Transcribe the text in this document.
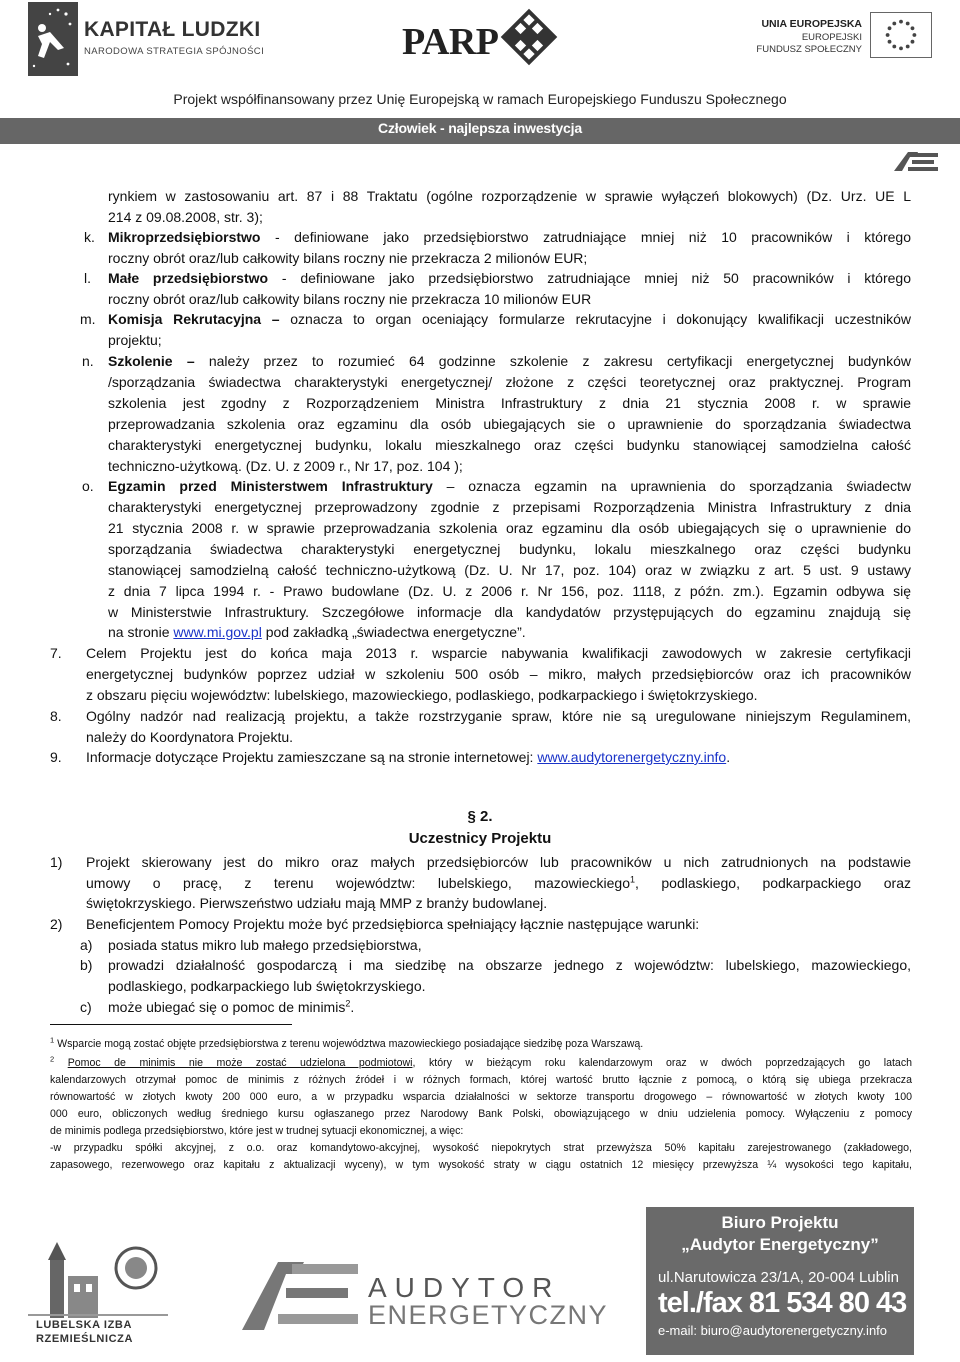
KAPITAŁ LUDZKI
NARODOWA STRATEGIA SPÓJNOŚCI	PARP	UNIA EUROPEJSKA
EUROPEJSKI
FUNDUSZ SPOŁECZNY
Projekt współfinansowany przez Unię Europejską w ramach Europejskiego Funduszu Społecznego
Człowiek - najlepsza inwestycja
rynkiem w zastosowaniu art. 87 i 88 Traktatu (ogólne rozporządzenie w sprawie wyłączeń blokowych) (Dz. Urz. UE L
214 z 09.08.2008, str. 3);
k. Mikroprzedsiębiorstwo - definiowane jako przedsiębiorstwo zatrudniające mniej niż 10 pracowników i którego
roczny obrót oraz/lub całkowity bilans roczny nie przekracza 2 milionów EUR;
l. Małe przedsiębiorstwo - definiowane jako przedsiębiorstwo zatrudniające mniej niż 50 pracowników i którego
roczny obrót oraz/lub całkowity bilans roczny nie przekracza 10 milionów EUR
m. Komisja Rekrutacyjna – oznacza to organ oceniający formularze rekrutacyjne i dokonujący kwalifikacji uczestników
projektu;
n. Szkolenie – należy przez to rozumieć 64 godzinne szkolenie z zakresu certyfikacji energetycznej budynków
/sporządzania świadectwa charakterystyki energetycznej/ złożone z części teoretycznej oraz praktycznej. Program
szkolenia jest zgodny z Rozporządzeniem Ministra Infrastruktury z dnia 21 stycznia 2008 r. w sprawie
przeprowadzania szkolenia oraz egzaminu dla osób ubiegających sie o uprawnienie do sporządzania świadectwa
charakterystyki energetycznej budynku, lokalu mieszkalnego oraz części budynku stanowiącej samodzielna całość
techniczno-użytkową. (Dz. U. z 2009 r., Nr 17, poz. 104 );
o. Egzamin przed Ministerstwem Infrastruktury – oznacza egzamin na uprawnienia do sporządzania świadectw
charakterystyki energetycznej przeprowadzony zgodnie z przepisami Rozporządzenia Ministra Infrastruktury z dnia
21 stycznia 2008 r. w sprawie przeprowadzania szkolenia oraz egzaminu dla osób ubiegających się o uprawnienie do
sporządzania świadectwa charakterystyki energetycznej budynku, lokalu mieszkalnego oraz części budynku
stanowiącej samodzielną całość techniczno-użytkową (Dz. U. Nr 17, poz. 104) oraz w związku z art. 5 ust. 9 ustawy
z dnia 7 lipca 1994 r. - Prawo budowlane (Dz. U. z 2006 r. Nr 156, poz. 1118, z późn. zm.). Egzamin odbywa się
w Ministerstwie Infrastruktury. Szczegółowe informacje dla kandydatów przystępujących do egzaminu znajdują się
na stronie www.mi.gov.pl pod zakładką „świadectwa energetyczne”.
7. Celem Projektu jest do końca maja 2013 r. wsparcie nabywania kwalifikacji zawodowych w zakresie certyfikacji
energetycznej budynków poprzez udział w szkoleniu 500 osób – mikro, małych przedsiębiorców oraz ich pracowników
z obszaru pięciu województw: lubelskiego, mazowieckiego, podlaskiego, podkarpackiego i świętokrzyskiego.
8. Ogólny nadzór nad realizacją projektu, a także rozstrzyganie spraw, które nie są uregulowane niniejszym Regulaminem,
należy do Koordynatora Projektu.
9. Informacje dotyczące Projektu zamieszczane są na stronie internetowej: www.audytorenergetyczny.info.
§ 2.
Uczestnicy Projektu
1) Projekt skierowany jest do mikro oraz małych przedsiębiorców lub pracowników u nich zatrudnionych na podstawie
umowy o pracę, z terenu województw: lubelskiego, mazowieckiego$^1$, podlaskiego, podkarpackiego oraz
świętokrzyskiego. Pierwszeństwo udziału mają MMP z branży budowlanej.
2) Beneficjentem Pomocy Projektu może być przedsiębiorca spełniający łącznie następujące warunki:
a) posiada status mikro lub małego przedsiębiorstwa,
b) prowadzi działalność gospodarczą i ma siedzibę na obszarze jednego z województw: lubelskiego, mazowieckiego,
podlaskiego, podkarpackiego lub świętokrzyskiego.
c) może ubiegać się o pomoc de minimis$^2$.
$^1$ Wsparcie mogą zostać objęte przedsiębiorstwa z terenu województwa mazowieckiego posiadające siedzibę poza Warszawą.
$^2$ Pomoc de minimis nie może zostać udzielona podmiotowi, który w bieżącym roku kalendarzowym oraz w dwóch poprzedzających go latach
kalendarzowych otrzymał pomoc de minimis z różnych źródeł i w różnych formach, której wartość brutto łącznie z pomocą, o którą się ubiega przekracza
równowartość w złotych kwoty 200 000 euro, a w przypadku wsparcia działalności w sektorze transportu drogowego – równowartość w złotych kwoty 100
000 euro, obliczonych według średniego kursu ogłaszanego przez Narodowy Bank Polski, obowiązującego w dniu udzielenia pomocy. Wyłączeniu z pomocy
de minimis podlega przedsiębiorstwo, które jest w trudnej sytuacji ekonomicznej, a więc:
-w przypadku spółki akcyjnej, z o.o. oraz komandytowo-akcyjnej, wysokość niepokrytych strat przewyższa 50% kapitału zarejestrowanego (zakładowego,
zapasowego, rezerwowego oraz kapitału z aktualizacji wyceny), w tym wysokość straty w ciągu ostatnich 12 miesięcy przewyższa ¼ wysokości tego kapitału,
LUBELSKA IZBA
RZEMIEŚLNICZA
AUDYTOR
ENERGETYCZNY
Biuro Projektu
„Audytor Energetyczny”
ul.Narutowicza 23/1A, 20-004 Lublin
tel./fax 81 534 80 43
e-mail: biuro@audytorenergetyczny.info
